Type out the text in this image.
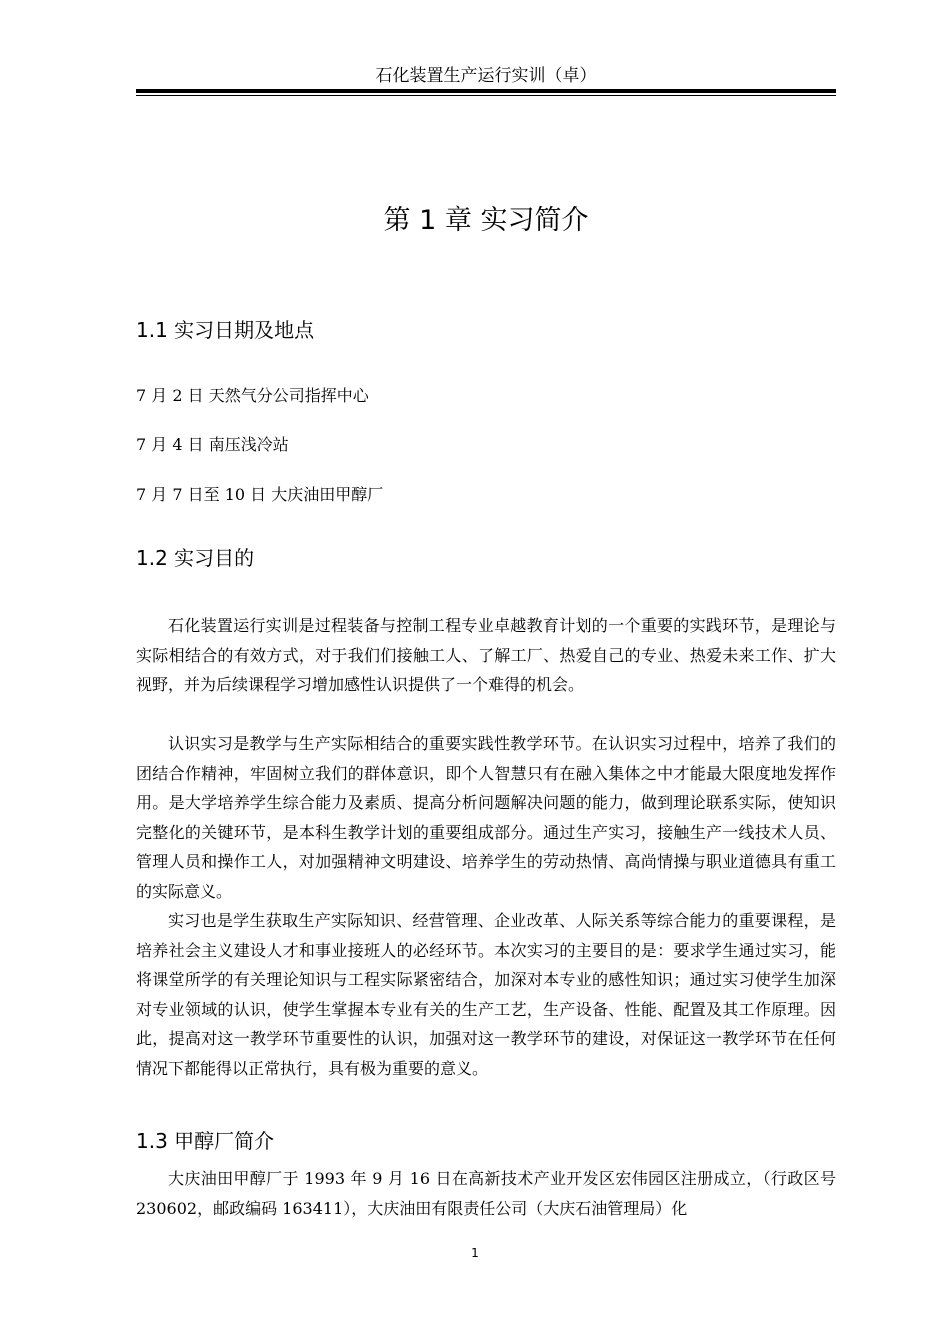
石化装置生产运行实训（卓）
第 1 章 实习简介
1.1 实习日期及地点
7 月 2 日 天然气分公司指挥中心
7 月 4 日 南压浅冷站
7 月 7 日至 10 日 大庆油田甲醇厂
1.2 实习目的

石化装置运行实训是过程装备与控制工程专业卓越教育计划的一个重要的实践环节，是理论与实际相结合的有效方式，对于我们们接触工人、了解工厂、热爱自己的专业、热爱未来工作、扩大视野，并为后续课程学习增加感性认识提供了一个难得的机会。

认识实习是教学与生产实际相结合的重要实践性教学环节。在认识实习过程中，培养了我们的团结合作精神，牢固树立我们的群体意识，即个人智慧只有在融入集体之中才能最大限度地发挥作用。是大学培养学生综合能力及素质、提高分析问题解决问题的能力，做到理论联系实际，使知识完整化的关键环节，是本科生教学计划的重要组成部分。通过生产实习，接触生产一线技术人员、管理人员和操作工人，对加强精神文明建设、培养学生的劳动热情、高尚情操与职业道德具有重工的实际意义。

实习也是学生获取生产实际知识、经营管理、企业改革、人际关系等综合能力的重要课程，是培养社会主义建设人才和事业接班人的必经环节。本次实习的主要目的是：要求学生通过实习，能将课堂所学的有关理论知识与工程实际紧密结合，加深对本专业的感性知识；通过实习使学生加深对专业领域的认识，使学生掌握本专业有关的生产工艺，生产设备、性能、配置及其工作原理。因此，提高对这一教学环节重要性的认识，加强对这一教学环节的建设，对保证这一教学环节在任何情况下都能得以正常执行，具有极为重要的意义。

1.3 甲醇厂简介

大庆油田甲醇厂于 1993 年 9 月 16 日在高新技术产业开发区宏伟园区注册成立，（行政区号 230602，邮政编码 163411），大庆油田有限责任公司（大庆石油管理局）化

1
